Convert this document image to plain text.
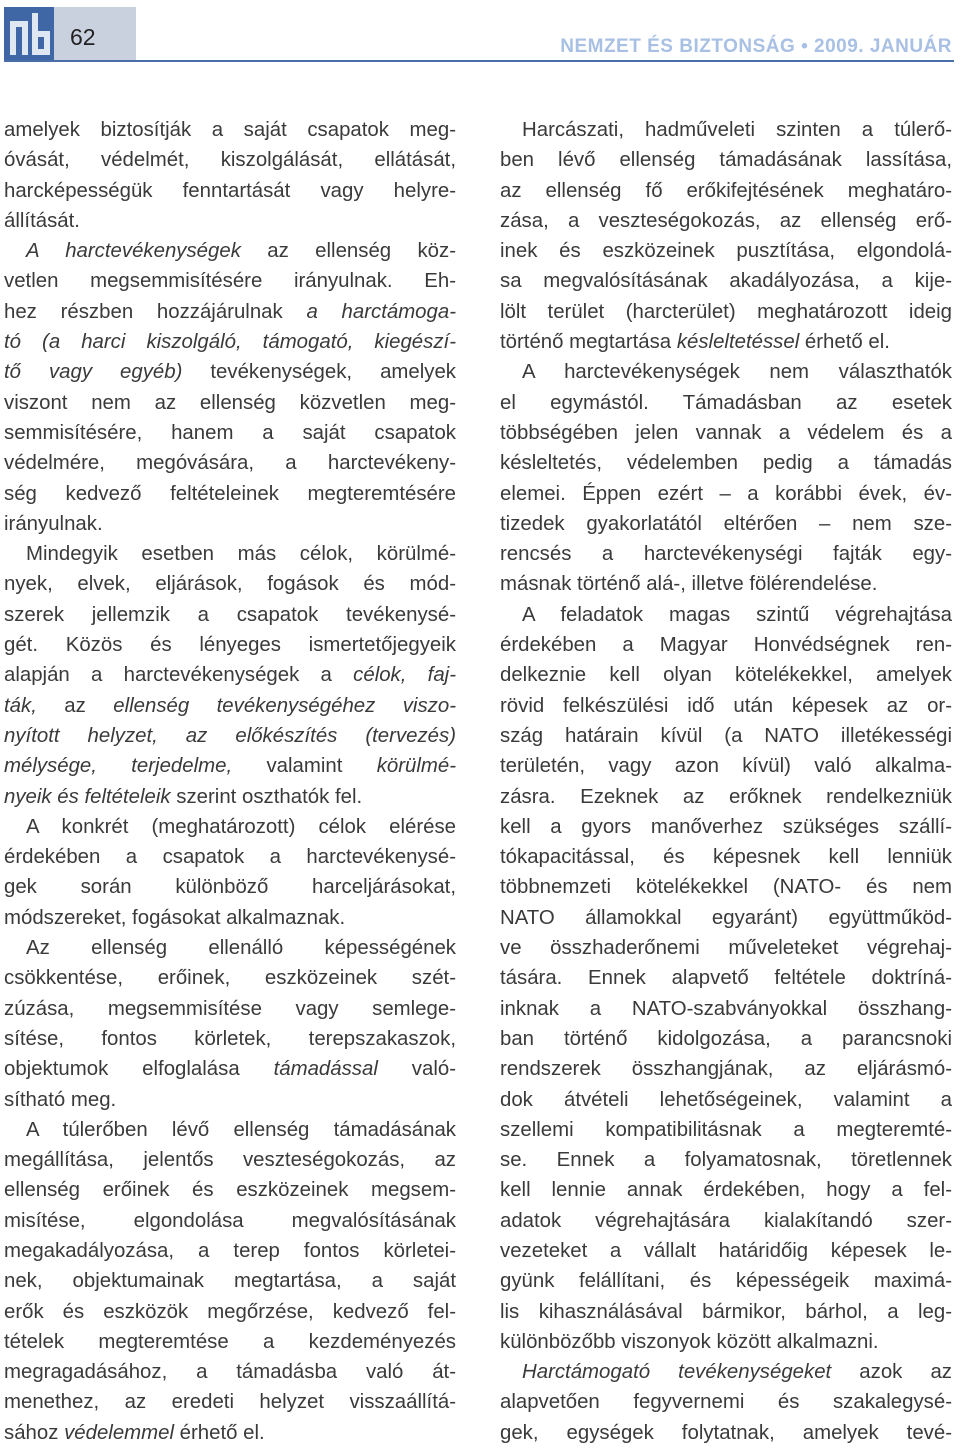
62	NEMZET ÉS BIZTONSÁG • 2009. JANUÁR
amelyek biztosítják a saját csapatok meg-
óvását, védelmét, kiszolgálását, ellátását,
harcképességük fenntartását vagy helyre-
állítását.
A harctevékenységek az ellenség köz-
vetlen megsemmisítésére irányulnak. Eh-
hez részben hozzájárulnak a harctámoga-
tó (a harci kiszolgáló, támogató, kiegészí-
tő vagy egyéb) tevékenységek, amelyek
viszont nem az ellenség közvetlen meg-
semmisítésére, hanem a saját csapatok
védelmére, megóvására, a harctevékeny-
ség kedvező feltételeinek megteremtésére
irányulnak.
Mindegyik esetben más célok, körülmé-
nyek, elvek, eljárások, fogások és mód-
szerek jellemzik a csapatok tevékenysé-
gét. Közös és lényeges ismertetőjegyeik
alapján a harctevékenységek a célok, faj-
ták, az ellenség tevékenységéhez viszo-
nyított helyzet, az előkészítés (tervezés)
mélysége, terjedelme, valamint körülmé-
nyeik és feltételeik szerint oszthatók fel.
A konkrét (meghatározott) célok elérése
érdekében a csapatok a harctevékenysé-
gek során különböző harceljárásokat,
módszereket, fogásokat alkalmaznak.
Az ellenség ellenálló képességének
csökkentése, erőinek, eszközeinek szét-
zúzása, megsemmisítése vagy semlege-
sítése, fontos körletek, terepszakaszok,
objektumok elfoglalása támadással való-
sítható meg.
A túlerőben lévő ellenség támadásának
megállítása, jelentős veszteségokozás, az
ellenség erőinek és eszközeinek megsem-
misítése, elgondolása megvalósításának
megakadályozása, a terep fontos körletei-
nek, objektumainak megtartása, a saját
erők és eszközök megőrzése, kedvező fel-
tételek megteremtése a kezdeményezés
megragadásához, a támadásba való át-
menethez, az eredeti helyzet visszaállítá-
sához védelemmel érhető el.
Harcászati, hadműveleti szinten a túlerő-
ben lévő ellenség támadásának lassítása,
az ellenség fő erőkifejtésének meghatáro-
zása, a veszteségokozás, az ellenség erő-
inek és eszközeinek pusztítása, elgondolá-
sa megvalósításának akadályozása, a kije-
lölt terület (harcterület) meghatározott ideig
történő megtartása késleltetéssel érhető el.
A harctevékenységek nem választhatók
el egymástól. Támadásban az esetek
többségében jelen vannak a védelem és a
késleltetés, védelemben pedig a támadás
elemei. Éppen ezért – a korábbi évek, év-
tizedek gyakorlatától eltérően – nem sze-
rencsés a harctevékenységi fajták egy-
másnak történő alá-, illetve fölérendelése.
A feladatok magas szintű végrehajtása
érdekében a Magyar Honvédségnek ren-
delkeznie kell olyan kötelékekkel, amelyek
rövid felkészülési idő után képesek az or-
szág határain kívül (a NATO illetékességi
területén, vagy azon kívül) való alkalma-
zásra. Ezeknek az erőknek rendelkezniük
kell a gyors manőverhez szükséges szállí-
tókapacitással, és képesnek kell lenniük
többnemzeti kötelékekkel (NATO- és nem
NATO államokkal egyaránt) együttműköd-
ve összhaderőnemi műveleteket végrehaj-
tására. Ennek alapvető feltétele doktríná-
inknak a NATO-szabványokkal összhang-
ban történő kidolgozása, a parancsnoki
rendszerek összhangjának, az eljárásmó-
dok átvételi lehetőségeinek, valamint a
szellemi kompatibilitásnak a megteremté-
se. Ennek a folyamatosnak, töretlennek
kell lennie annak érdekében, hogy a fel-
adatok végrehajtására kialakítandó szer-
vezeteket a vállalt határidőig képesek le-
gyünk felállítani, és képességeik maximá-
lis kihasználásával bármikor, bárhol, a leg-
különbözőbb viszonyok között alkalmazni.
Harctámogató tevékenységeket azok az
alapvetően fegyvernemi és szakalegysé-
gek, egységek folytatnak, amelyek tevé-
